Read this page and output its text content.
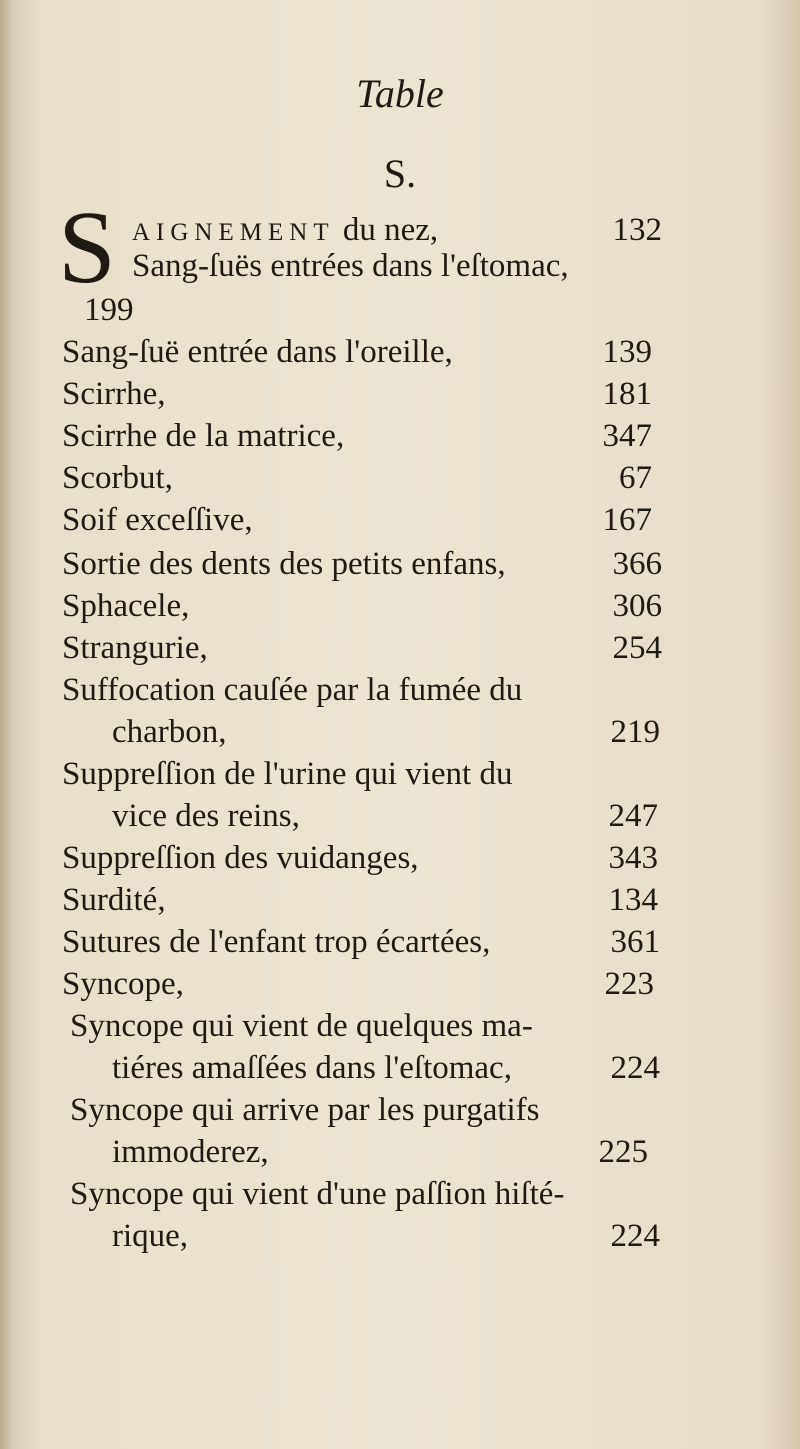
Table
S.
S AIGNEMENT du nez,	132
Sang-ſuës entrées dans l'eſtomac,
199
Sang-ſuë entrée dans l'oreille,	139
Scirrhe,	181
Scirrhe de la matrice,	347
Scorbut,	67
Soif exceſſive,	167
Sortie des dents des petits enfans,	366
Sphacele,	306
Strangurie,	254
Suffocation cauſée par la fumée du
charbon,	219
Suppreſſion de l'urine qui vient du
vice des reins,	247
Suppreſſion des vuidanges,	343
Surdité,	134
Sutures de l'enfant trop écartées,	361
Syncope,	223
Syncope qui vient de quelques ma-
tiéres amaſſées dans l'eſtomac,	224
Syncope qui arrive par les purgatifs
immoderez,	225
Syncope qui vient d'une paſſion hiſté-
rique,	224
